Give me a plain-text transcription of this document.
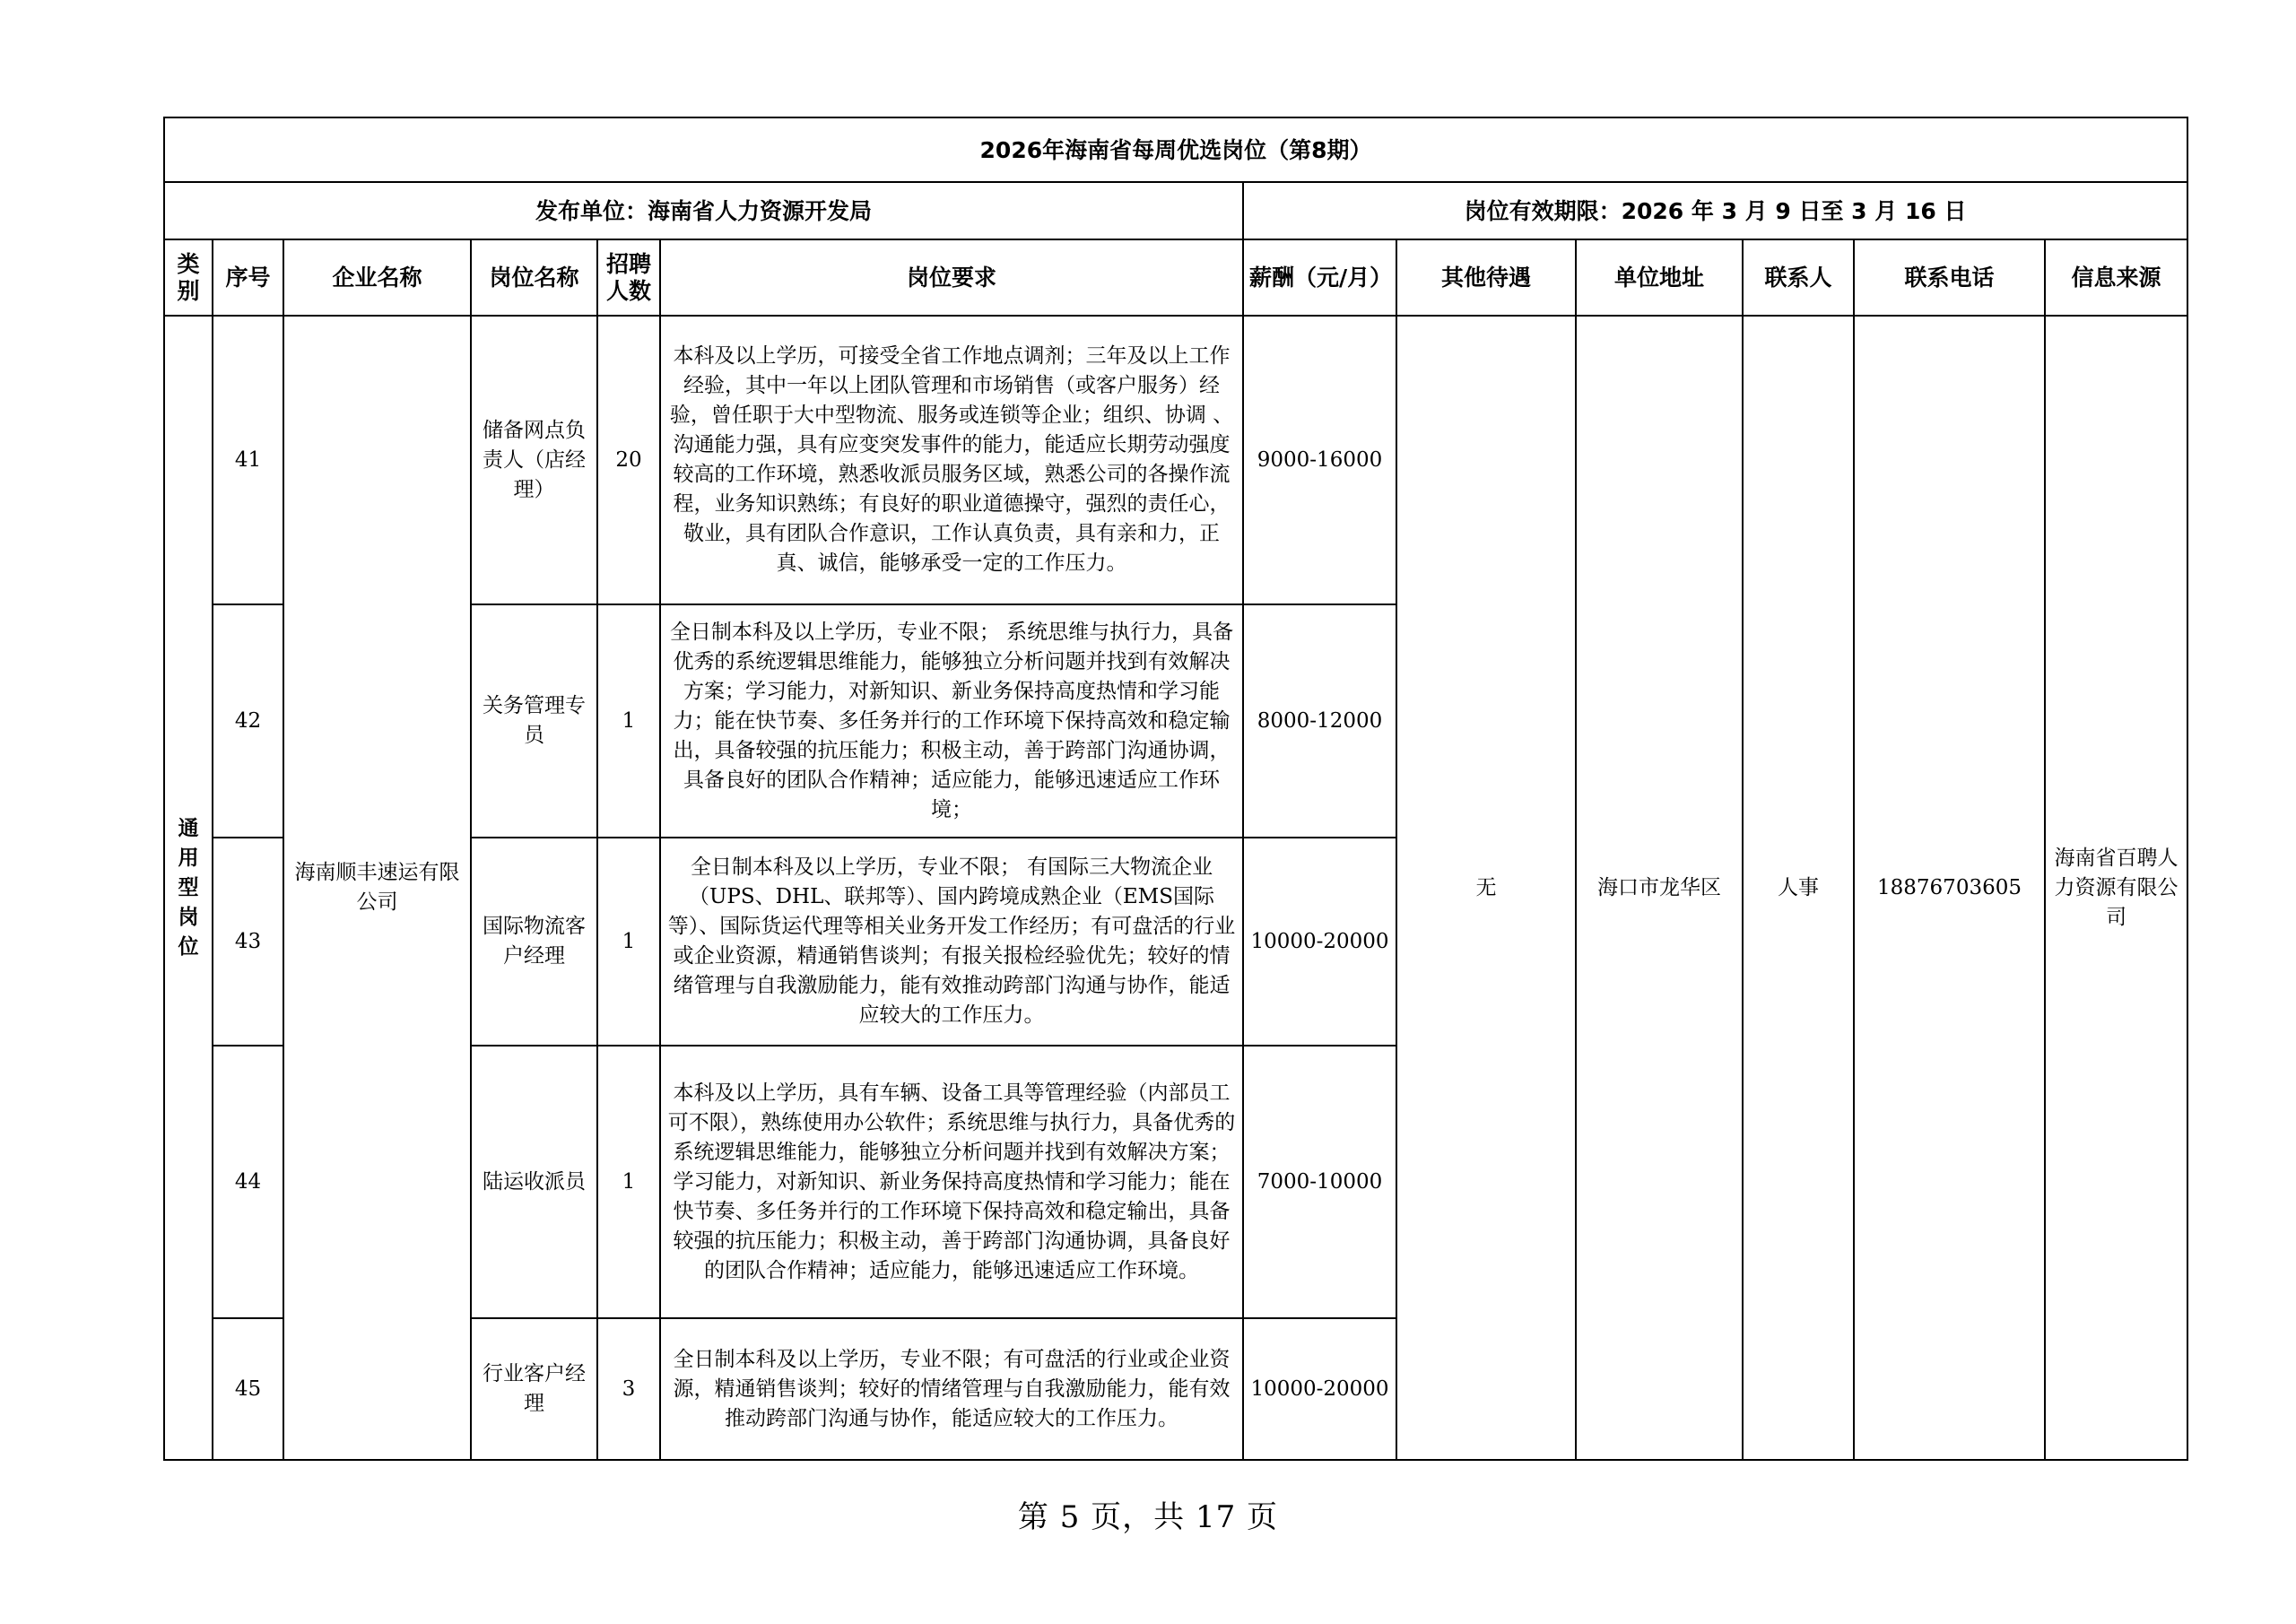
2026年海南省每周优选岗位（第8期）											
发布单位：海南省人力资源开发局						岗位有效期限：2026 年 3 月 9 日至 3 月 16 日					
类别	序号	企业名称	岗位名称	招聘人数	岗位要求	薪酬（元/月）	其他待遇	单位地址	联系人	联系电话	信息来源
通用型岗位	41	海南顺丰速运有限公司	储备网点负责人（店经理）	20	本科及以上学历，可接受全省工作地点调剂；三年及以上工作经验，其中一年以上团队管理和市场销售（或客户服务）经验，曾任职于大中型物流、服务或连锁等企业；组织、协调 、沟通能力强，具有应变突发事件的能力，能适应长期劳动强度较高的工作环境，熟悉收派员服务区域，熟悉公司的各操作流程，业务知识熟练；有良好的职业道德操守，强烈的责任心，敬业，具有团队合作意识，工作认真负责，具有亲和力，正真、诚信，能够承受一定的工作压力。	9000-16000	无	海口市龙华区	人事	18876703605	海南省百聘人力资源有限公司
	42		关务管理专员	1	全日制本科及以上学历，专业不限； 系统思维与执行力，具备优秀的系统逻辑思维能力，能够独立分析问题并找到有效解决方案；学习能力，对新知识、新业务保持高度热情和学习能力；能在快节奏、多任务并行的工作环境下保持高效和稳定输出，具备较强的抗压能力；积极主动，善于跨部门沟通协调，具备良好的团队合作精神；适应能力，能够迅速适应工作环境；	8000-12000					
	43		国际物流客户经理	1	全日制本科及以上学历，专业不限； 有国际三大物流企业（UPS、DHL、联邦等）、国内跨境成熟企业（EMS国际等）、国际货运代理等相关业务开发工作经历；有可盘活的行业或企业资源，精通销售谈判；有报关报检经验优先；较好的情绪管理与自我激励能力，能有效推动跨部门沟通与协作，能适应较大的工作压力。	10000-20000					
	44		陆运收派员	1	本科及以上学历，具有车辆、设备工具等管理经验（内部员工可不限），熟练使用办公软件；系统思维与执行力，具备优秀的系统逻辑思维能力，能够独立分析问题并找到有效解决方案；学习能力，对新知识、新业务保持高度热情和学习能力；能在快节奏、多任务并行的工作环境下保持高效和稳定输出，具备较强的抗压能力；积极主动，善于跨部门沟通协调，具备良好的团队合作精神；适应能力，能够迅速适应工作环境。	7000-10000					
	45		行业客户经理	3	全日制本科及以上学历，专业不限；有可盘活的行业或企业资源，精通销售谈判；较好的情绪管理与自我激励能力，能有效推动跨部门沟通与协作，能适应较大的工作压力。	10000-20000					
第 5 页，共 17 页
